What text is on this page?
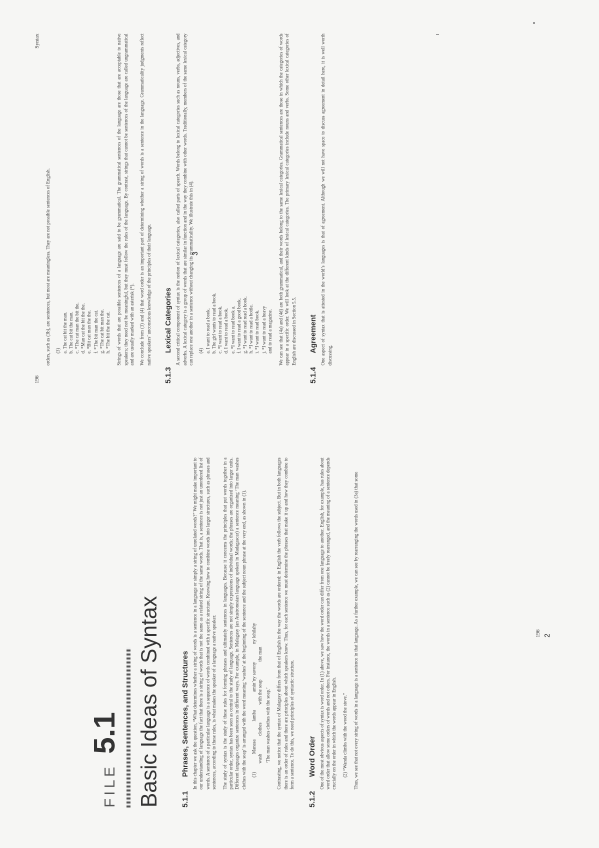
FILE 5.1 Basic Ideas of Syntax	5.1.1 Phrases, Sentences, and Structures In this chapter we ask the question, “What determines whether a string of words is a sentence in a language or simply a string of unrelated words?” We might make important to our understanding of language the fact that there is a string of words that is not the same as a related string of the same words. That is, a sentence is not just an unordered list of words. A sentence of a particular language is a sequence of words combined with a specific structure. Knowing how to combine words into larger structures, such as phrases and sentences, according to these rules, is what makes the speaker of a language a native speaker. The study of syntax is the study of these rules for forming phrases and ultimately sentences in languages. Because it concerns the principles that put words together in a particular order, syntax has been seen as central to the study of language. Sentences are not simply expressions of individual words; the phrases are organized into larger units. Different languages organize sentences in different ways. For example, in Malagasy (an Austronesian language spoken in Madagascar) a sentence meaning ‘The man washes clothes with the soap’ is arranged with the word meaning ‘washes’ at the beginning of the sentence and the subject noun phrase at the very end, as shown in (1). (1)
Manasa
lamba
amin’ny savony
ny lehilahy
wash
clothes
with the soap
the man
‘The man washes clothes with the soap.’ Contrasting, we notice that the syntax of Malagasy differs from that of English in the way the words are ordered: in English the verb follows the subject. But in both languages there is an order of rules and there are principles about which speakers know. Thus, for each sentence we must determine the phrases that make it up and how they combine to form a sentence. To do this, we need principles of syntactic structure.

5.1.2 Word Order One of the most obvious aspects of syntax is word order. In (1) above, we saw how the word order can differ from one language to another. English, for example, has rules about word order that allow some orders of words and not others. For instance, the words in a sentence such as (2) cannot be freely rearranged, and the meaning of a sentence depends crucially on the order in which the words appear in English. (2) “Wanda climbs with the wood the stove.” Thus, we see that not every string of words in a language is a sentence in that language. As a further example, we can see by rearranging the words used in (3a) that some	196 2
196
Syntax

orders, such as (3b), are sentences, but most are meaningless. They are not possible sentences of English. (3) a. The cat bit the man. b. The cat bit the man. c. *The cat man the bit the. d. *Man cat the bit the the. e. *Bit cat man the the. f. *The bit man the cat. g. *The cat bit man the. h. *The bit the the cat. Strings of words that are possible sentences of a language are said to be grammatical. The grammatical sentences of the language are those that are acceptable to native speakers; they need not be meaningful, but they must follow the rules of the language. By contrast, strings that cannot be sentences of the language are called ungrammatical and are usually marked with an asterisk (*). We conclude from (3) and (4) that word order is an important part of determining whether a string of words is a sentence in the language. Grammaticality judgments reflect native speakers’ unconscious knowledge of the principles of their language.

5.1.3 Lexical Categories A second critical component of syntax is the notion of lexical categories, also called parts of speech. Words belong to lexical categories such as nouns, verbs, adjectives, and adverbs. A lexical category is a group of words that are similar in function and in the way they combine with other words. Traditionally, members of the same lexical category can replace one another in a sentence without changing its grammaticality. We illustrate this in (4). (4) a. I want to read a book. b. The girl wants to read a book. c. *I want to read a book. d. I want to read a book. e. *I want to read book a. f. I want to read a good book. g. *I want to read read a book. h. *I want to read a bottle. i. *I want to read book. j. *I want to read a heavy and to read a magazine. We can see that (4a) and (4d) are both grammatical, and their words belong to the same lexical categories. Grammatical sentences are those in which the categories of words appear in a specific order. We will look at the different kinds of lexical categories. The primary lexical categories include nouns and verbs. Some other lexical categories of English are discussed in Section 5.5.

5.1.4 Agreement One aspect of syntax that is attested in the world’s languages is that of agreement. Although we will not have space to discuss agreement in detail here, it is well worth discussing.

3
